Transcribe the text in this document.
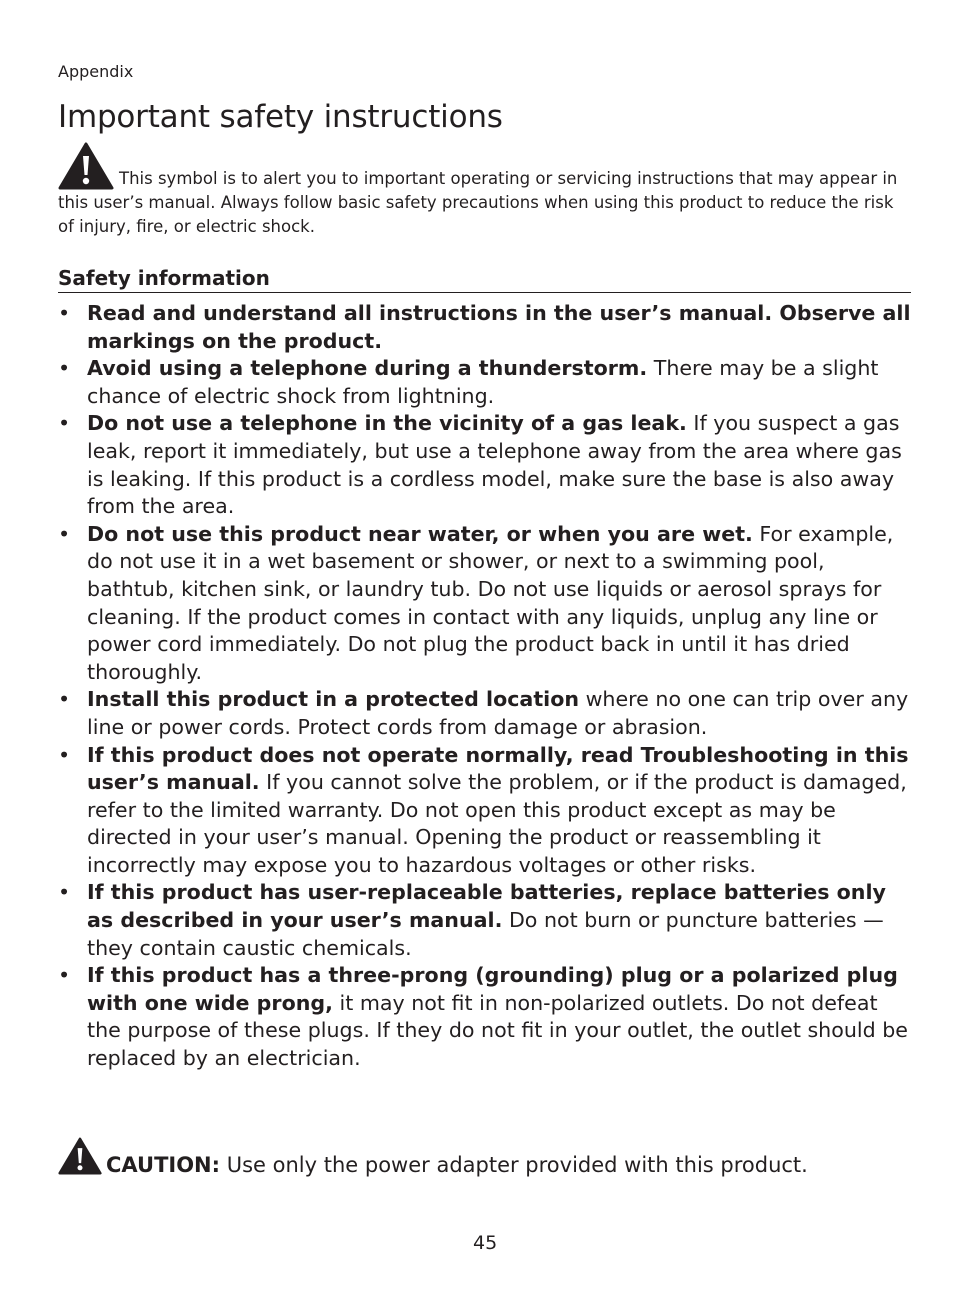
Appendix
Important safety instructions
This symbol is to alert you to important operating or servicing instructions that may appear in this user’s manual. Always follow basic safety precautions when using this product to reduce the risk of injury, fire, or electric shock.
Safety information
• Read and understand all instructions in the user’s manual. Observe all markings on the product.
• Avoid using a telephone during a thunderstorm. There may be a slight chance of electric shock from lightning.
• Do not use a telephone in the vicinity of a gas leak. If you suspect a gas leak, report it immediately, but use a telephone away from the area where gas is leaking. If this product is a cordless model, make sure the base is also away from the area.
• Do not use this product near water, or when you are wet. For example, do not use it in a wet basement or shower, or next to a swimming pool, bathtub, kitchen sink, or laundry tub. Do not use liquids or aerosol sprays for cleaning. If the product comes in contact with any liquids, unplug any line or power cord immediately. Do not plug the product back in until it has dried thoroughly.
• Install this product in a protected location where no one can trip over any line or power cords. Protect cords from damage or abrasion.
• If this product does not operate normally, read Troubleshooting in this user’s manual. If you cannot solve the problem, or if the product is damaged, refer to the limited warranty. Do not open this product except as may be directed in your user’s manual. Opening the product or reassembling it incorrectly may expose you to hazardous voltages or other risks.
• If this product has user-replaceable batteries, replace batteries only as described in your user’s manual. Do not burn or puncture batteries — they contain caustic chemicals.
• If this product has a three-prong (grounding) plug or a polarized plug with one wide prong, it may not fit in non-polarized outlets. Do not defeat the purpose of these plugs. If they do not fit in your outlet, the outlet should be replaced by an electrician.
CAUTION: Use only the power adapter provided with this product.
45
